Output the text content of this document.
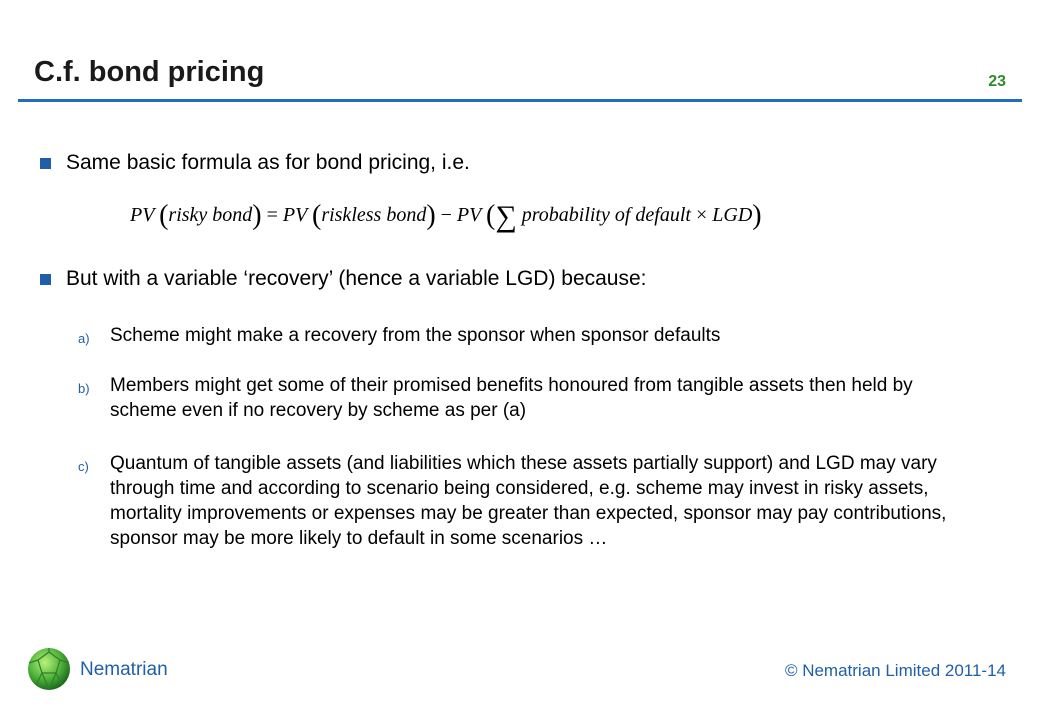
C.f. bond pricing	23
Same basic formula as for bond pricing, i.e.
PV (risky bond) = PV (riskless bond) − PV (∑ probability of default × LGD)
But with a variable ‘recovery’ (hence a variable LGD) because:
a)	Scheme might make a recovery from the sponsor when sponsor defaults
b)	Members might get some of their promised benefits honoured from tangible assets then held by scheme even if no recovery by scheme as per (a)
c)	Quantum of tangible assets (and liabilities which these assets partially support) and LGD may vary through time and according to scenario being considered, e.g. scheme may invest in risky assets, mortality improvements or expenses may be greater than expected, sponsor may pay contributions, sponsor may be more likely to default in some scenarios …
Nematrian	© Nematrian Limited 2011-14
